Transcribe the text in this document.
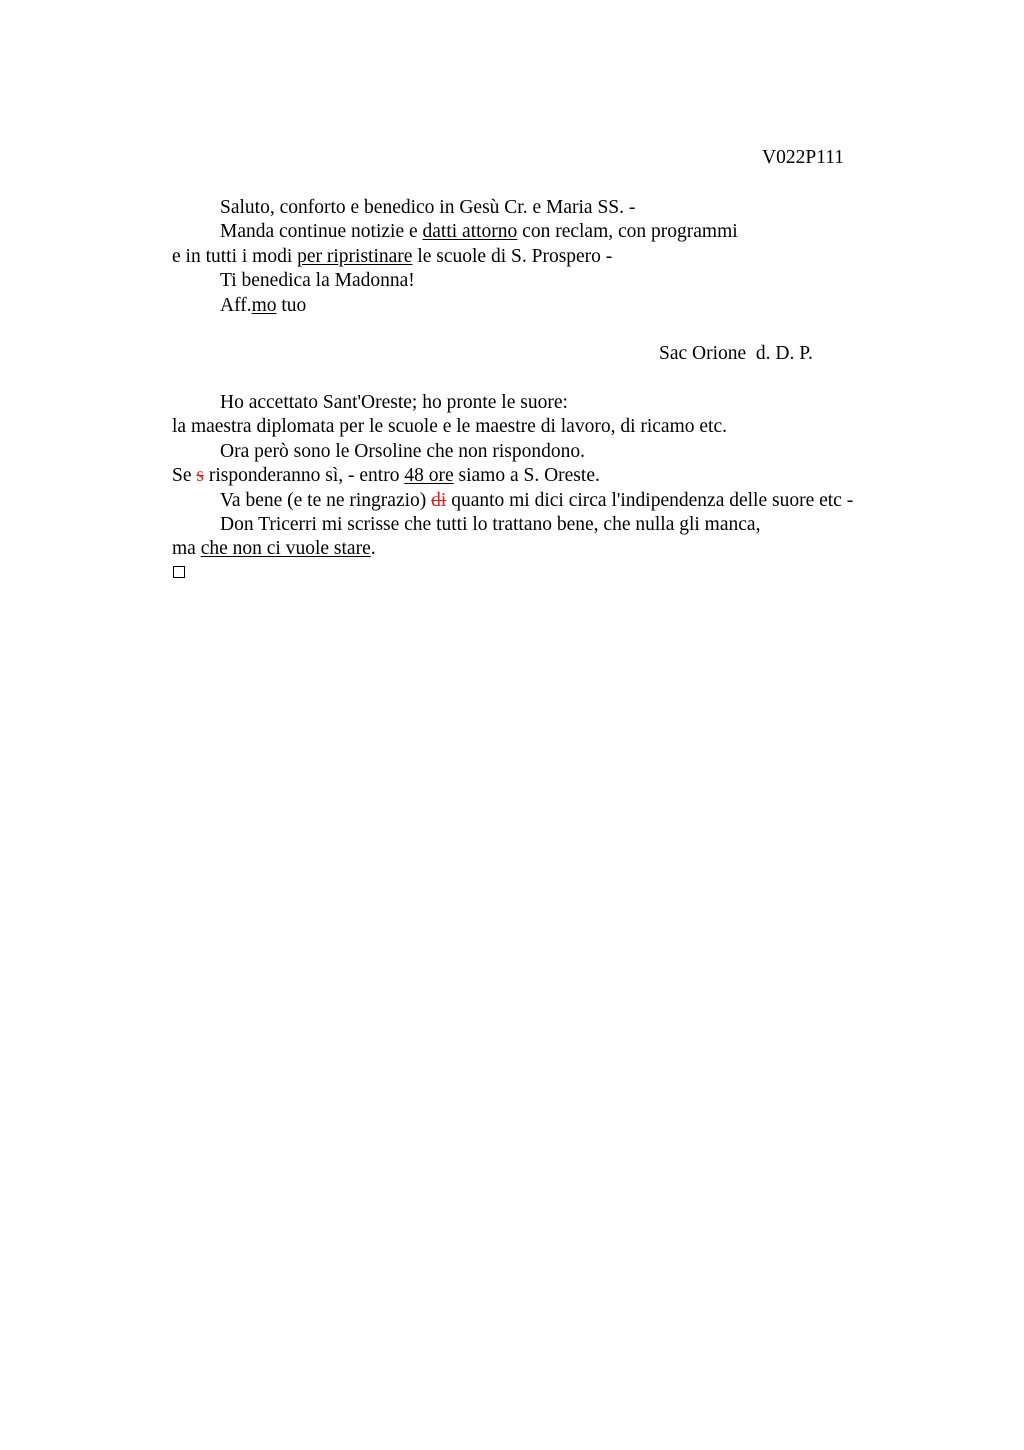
V022P111
Saluto, conforto e benedico in Gesù Cr. e Maria SS. -
Manda continue notizie e datti attorno con reclam, con programmi
e in tutti i modi per ripristinare le scuole di S. Prospero -
Ti benedica la Madonna!
Aff.mo tuo
Sac Orione  d. D. P.
Ho accettato Sant'Oreste; ho pronte le suore:
la maestra diplomata per le scuole e le maestre di lavoro, di ricamo etc.
Ora però sono le Orsoline che non rispondono.
Se s risponderanno sì, - entro 48 ore siamo a S. Oreste.
Va bene (e te ne ringrazio) di quanto mi dici circa l'indipendenza delle suore etc -
Don Tricerri mi scrisse che tutti lo trattano bene, che nulla gli manca,
ma che non ci vuole stare.
